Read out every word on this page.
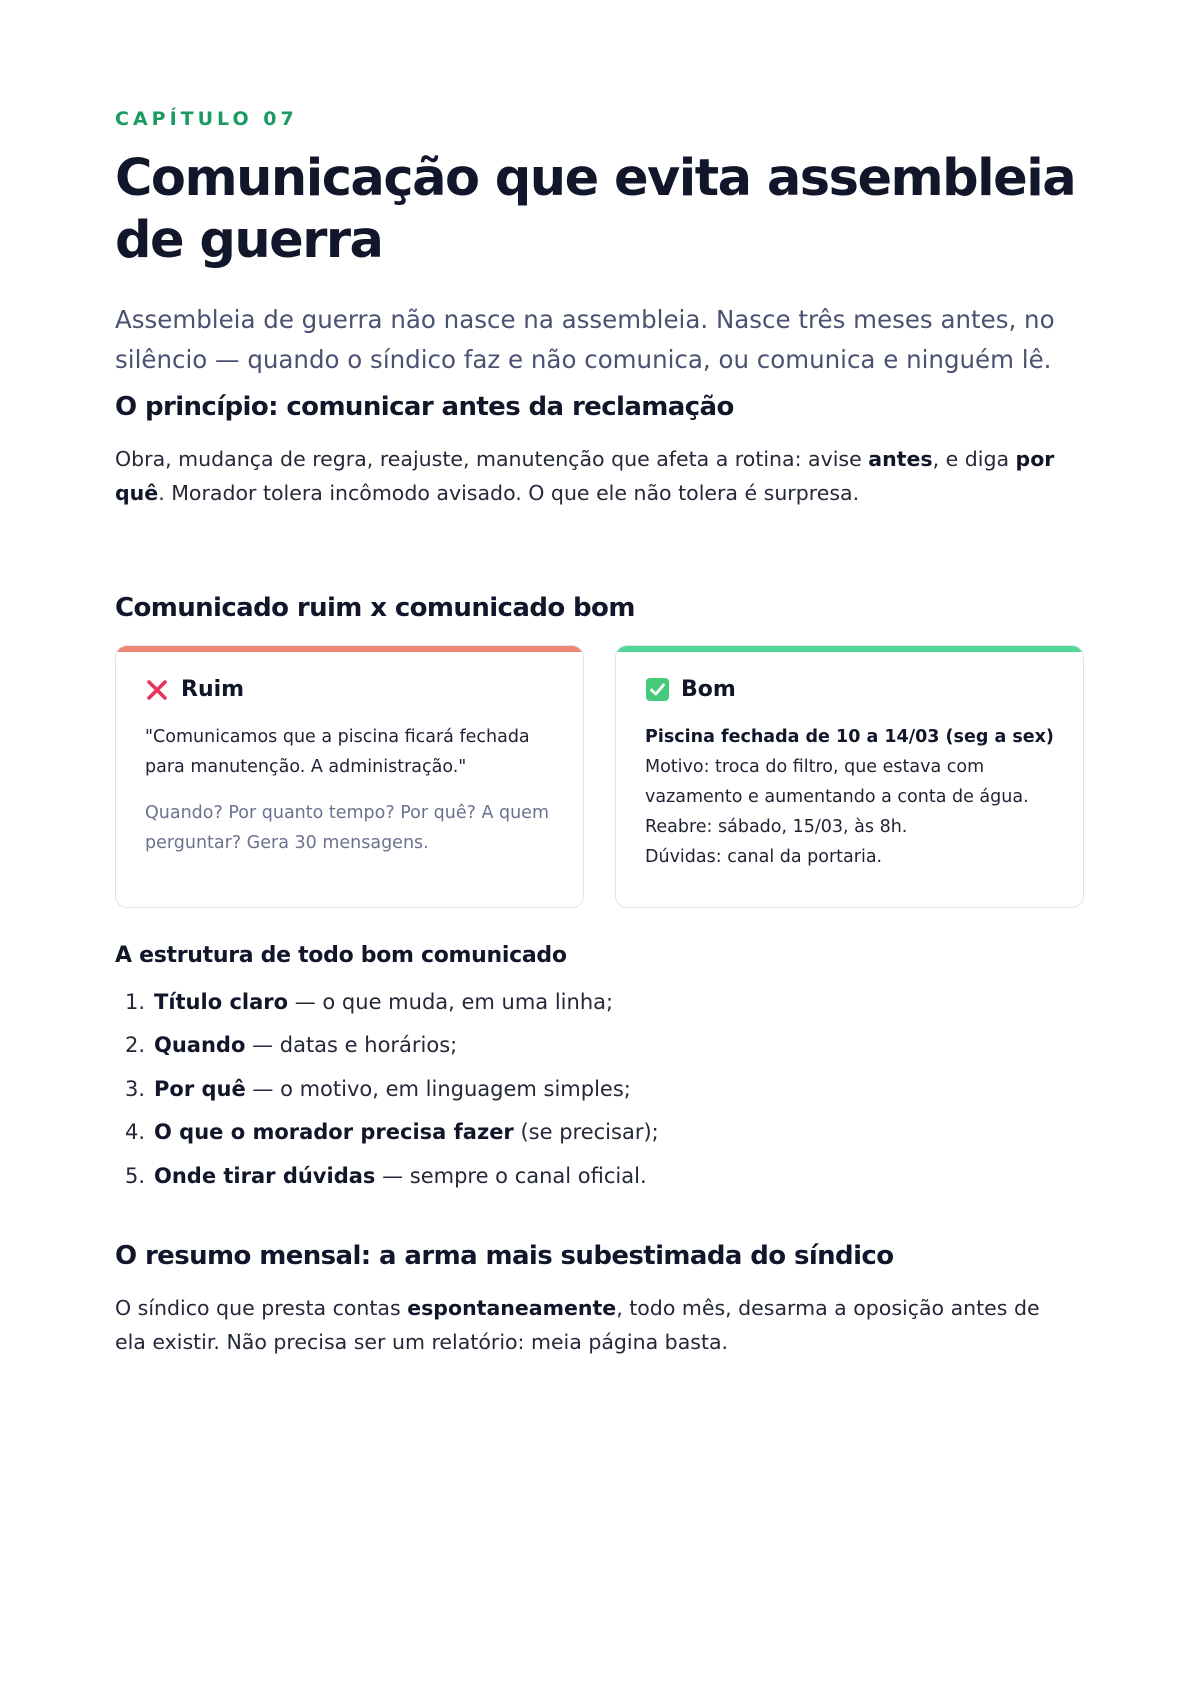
CAPÍTULO 07
Comunicação que evita assembleia de guerra

Assembleia de guerra não nasce na assembleia. Nasce três meses antes, no silêncio — quando o síndico faz e não comunica, ou comunica e ninguém lê.

O princípio: comunicar antes da reclamação

Obra, mudança de regra, reajuste, manutenção que afeta a rotina: avise antes, e diga por quê. Morador tolera incômodo avisado. O que ele não tolera é surpresa.

Comunicado ruim x comunicado bom
Ruim

"Comunicamos que a piscina ficará fechada para manutenção. A administração."

Quando? Por quanto tempo? Por quê? A quem perguntar? Gera 30 mensagens.

Bom

Piscina fechada de 10 a 14/03 (seg a sex)

Motivo: troca do filtro, que estava com vazamento e aumentando a conta de água.

Reabre: sábado, 15/03, às 8h.

Dúvidas: canal da portaria.

A estrutura de todo bom comunicado
1. Título claro — o que muda, em uma linha;
2. Quando — datas e horários;
3. Por quê — o motivo, em linguagem simples;
4. O que o morador precisa fazer (se precisar);
5. Onde tirar dúvidas — sempre o canal oficial.
O resumo mensal: a arma mais subestimada do síndico

O síndico que presta contas espontaneamente, todo mês, desarma a oposição antes de ela existir. Não precisa ser um relatório: meia página basta.
